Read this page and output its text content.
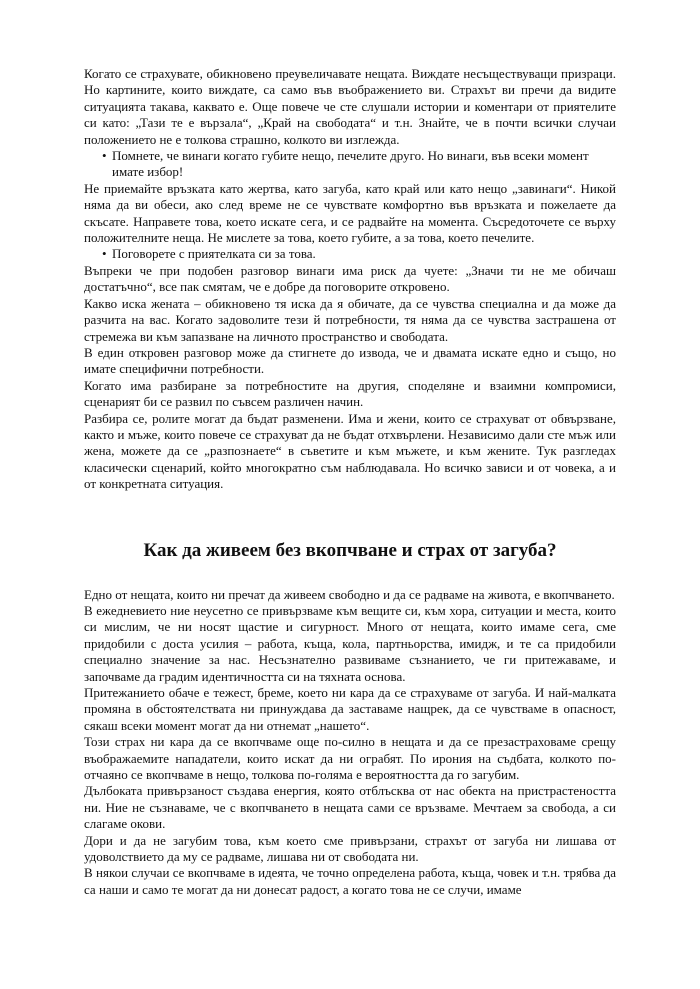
Когато се страхувате, обикновено преувеличавате нещата. Виждате несъществуващи призраци. Но картините, които виждате, са само във въображението ви. Страхът ви пречи да видите ситуацията такава, каквато е. Още повече че сте слушали истории и коментари от приятелите си като: „Тази те е вързала“, „Край на свободата“ и т.н. Знайте, че в почти всички случаи положението не е толкова страшно, колкото ви изглежда.

• Помнете, че винаги когато губите нещо, печелите друго. Но винаги, във всеки момент имате избор!

Не приемайте връзката като жертва, като загуба, като край или като нещо „завинаги“. Никой няма да ви обеси, ако след време не се чувствате комфортно във връзката и пожелаете да скъсате. Направете това, което искате сега, и се радвайте на момента. Съсредоточете се върху положителните неща. Не мислете за това, което губите, а за това, което печелите.

• Поговорете с приятелката си за това.

Въпреки че при подобен разговор винаги има риск да чуете: „Значи ти не ме обичаш достатъчно“, все пак смятам, че е добре да поговорите откровено.

Какво иска жената – обикновено тя иска да я обичате, да се чувства специална и да може да разчита на вас. Когато задоволите тези й потребности, тя няма да се чувства застрашена от стремежа ви към запазване на личното пространство и свободата.

В един откровен разговор може да стигнете до извода, че и двамата искате едно и също, но имате специфични потребности.

Когато има разбиране за потребностите на другия, споделяне и взаимни компромиси, сценарият би се развил по съвсем различен начин.

Разбира се, ролите могат да бъдат разменени. Има и жени, които се страхуват от обвързване, както и мъже, които повече се страхуват да не бъдат отхвърлени. Независимо дали сте мъж или жена, можете да се „разпознаете“ в съветите и към мъжете, и към жените. Тук разгледах класически сценарий, който многократно съм наблюдавала. Но всичко зависи и от човека, а и от конкретната ситуация.

Как да живеем без вкопчване и страх от загуба?

Едно от нещата, които ни пречат да живеем свободно и да се радваме на живота, е вкопчването.

В ежедневието ние неусетно се привързваме към вещите си, към хора, ситуации и места, които си мислим, че ни носят щастие и сигурност. Много от нещата, които имаме сега, сме придобили с доста усилия – работа, къща, кола, партньорства, имидж, и те са придобили специално значение за нас. Несъзнателно развиваме съзнанието, че ги притежаваме, и започваме да градим идентичността си на тяхната основа.

Притежанието обаче е тежест, бреме, което ни кара да се страхуваме от загуба. И най-малката промяна в обстоятелствата ни принуждава да заставаме нащрек, да се чувстваме в опасност, сякаш всеки момент могат да ни отнемат „нашето“.

Този страх ни кара да се вкопчваме още по-силно в нещата и да се презастраховаме срещу въображаемите нападатели, които искат да ни ограбят. По ирония на съдбата, колкото по-отчаяно се вкопчваме в нещо, толкова по-голяма е вероятността да го загубим.

Дълбоката привързаност създава енергия, която отблъсква от нас обекта на пристрастеността ни. Ние не съзнаваме, че с вкопчването в нещата сами се връзваме. Мечтаем за свобода, а си слагаме окови.

Дори и да не загубим това, към което сме привързани, страхът от загуба ни лишава от удоволствието да му се радваме, лишава ни от свободата ни.

В някои случаи се вкопчваме в идеята, че точно определена работа, къща, човек и т.н. трябва да са наши и само те могат да ни донесат радост, а когато това не се случи, имаме
